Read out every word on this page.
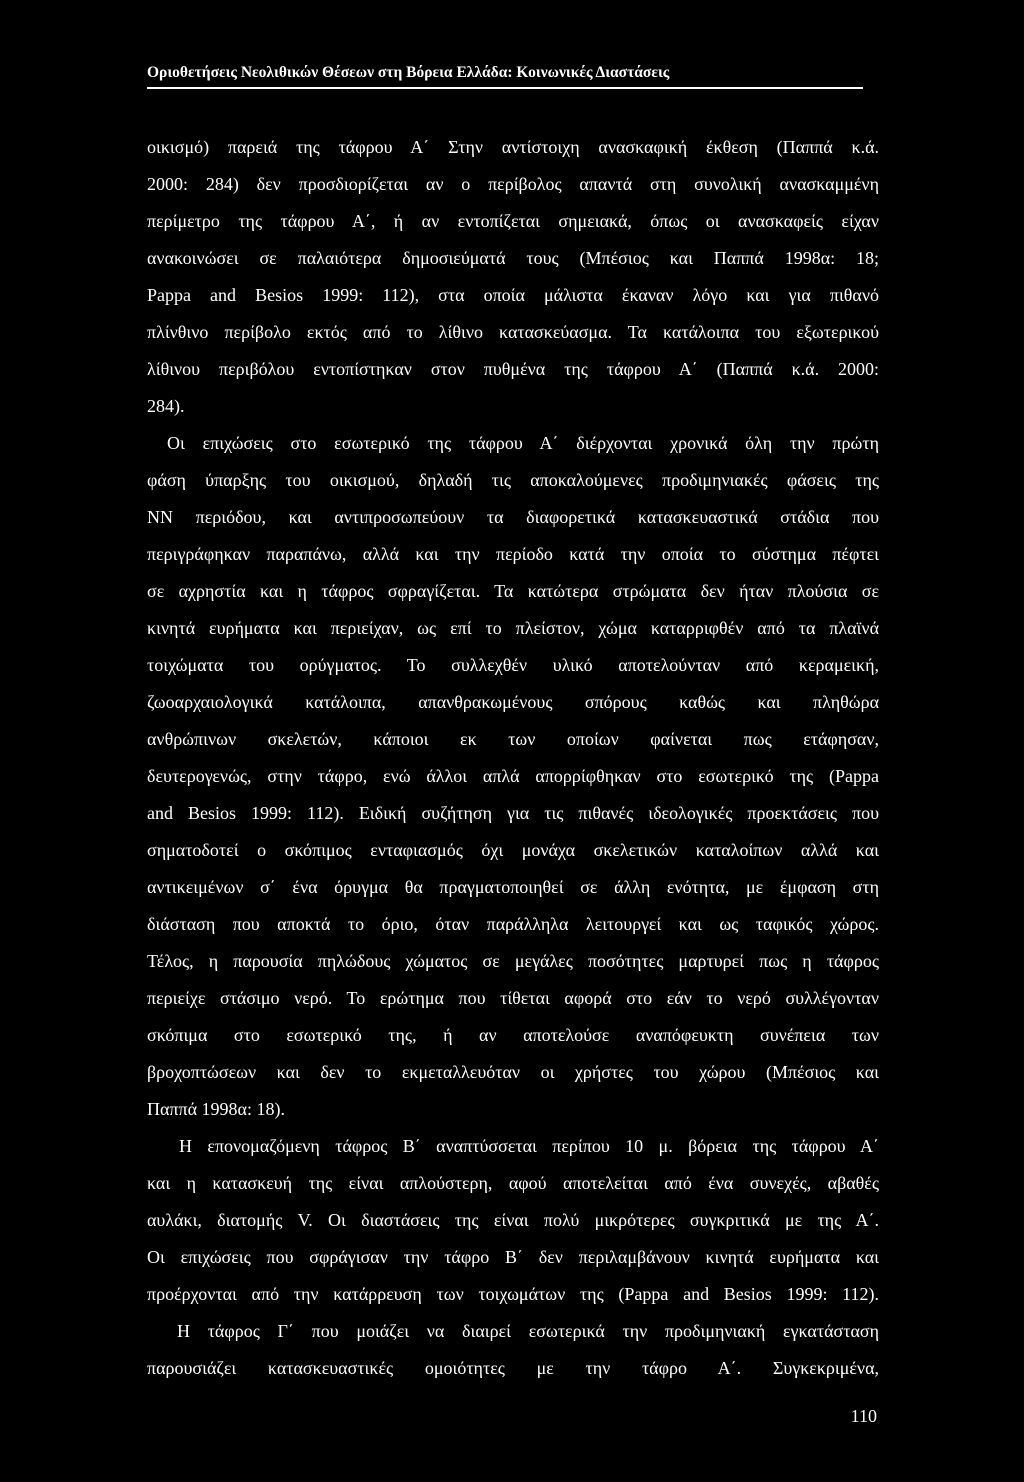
Οριοθετήσεις Νεολιθικών Θέσεων στη Βόρεια Ελλάδα: Κοινωνικές Διαστάσεις
οικισμό) παρειά της τάφρου Α΄ Στην αντίστοιχη ανασκαφική έκθεση (Παππά κ.ά.
2000: 284) δεν προσδιορίζεται αν ο περίβολος απαντά στη συνολική ανασκαμμένη
περίμετρο της τάφρου Α΄, ή αν εντοπίζεται σημειακά, όπως οι ανασκαφείς είχαν
ανακοινώσει σε παλαιότερα δημοσιεύματά τους (Μπέσιος και Παππά 1998α: 18;
Pappa and Besios 1999: 112), στα οποία μάλιστα έκαναν λόγο και για πιθανό
πλίνθινο περίβολο εκτός από το λίθινο κατασκεύασμα. Τα κατάλοιπα του εξωτερικού
λίθινου περιβόλου εντοπίστηκαν στον πυθμένα της τάφρου Α΄ (Παππά κ.ά. 2000:
284).
Οι επιχώσεις στο εσωτερικό της τάφρου Α΄ διέρχονται χρονικά όλη την πρώτη
φάση ύπαρξης του οικισμού, δηλαδή τις αποκαλούμενες προδιμηνιακές φάσεις της
ΝΝ περιόδου, και αντιπροσωπεύουν τα διαφορετικά κατασκευαστικά στάδια που
περιγράφηκαν παραπάνω, αλλά και την περίοδο κατά την οποία το σύστημα πέφτει
σε αχρηστία και η τάφρος σφραγίζεται. Τα κατώτερα στρώματα δεν ήταν πλούσια σε
κινητά ευρήματα και περιείχαν, ως επί το πλείστον, χώμα καταρριφθέν από τα πλαϊνά
τοιχώματα του ορύγματος. Το συλλεχθέν υλικό αποτελούνταν από κεραμεική,
ζωοαρχαιολογικά κατάλοιπα, απανθρακωμένους σπόρους καθώς και πληθώρα
ανθρώπινων σκελετών, κάποιοι εκ των οποίων φαίνεται πως ετάφησαν,
δευτερογενώς, στην τάφρο, ενώ άλλοι απλά απορρίφθηκαν στο εσωτερικό της (Pappa
and Besios 1999: 112). Ειδική συζήτηση για τις πιθανές ιδεολογικές προεκτάσεις που
σηματοδοτεί ο σκόπιμος ενταφιασμός όχι μονάχα σκελετικών καταλοίπων αλλά και
αντικειμένων σ΄ ένα όρυγμα θα πραγματοποιηθεί σε άλλη ενότητα, με έμφαση στη
διάσταση που αποκτά το όριο, όταν παράλληλα λειτουργεί και ως ταφικός χώρος.
Τέλος, η παρουσία πηλώδους χώματος σε μεγάλες ποσότητες μαρτυρεί πως η τάφρος
περιείχε στάσιμο νερό. Το ερώτημα που τίθεται αφορά στο εάν το νερό συλλέγονταν
σκόπιμα στο εσωτερικό της, ή αν αποτελούσε αναπόφευκτη συνέπεια των
βροχοπτώσεων και δεν το εκμεταλλευόταν οι χρήστες του χώρου (Μπέσιος και
Παππά 1998α: 18).
Η επονομαζόμενη τάφρος Β΄ αναπτύσσεται περίπου 10 μ. βόρεια της τάφρου Α΄
και η κατασκευή της είναι απλούστερη, αφού αποτελείται από ένα συνεχές, αβαθές
αυλάκι, διατομής V. Οι διαστάσεις της είναι πολύ μικρότερες συγκριτικά με της Α΄.
Οι επιχώσεις που σφράγισαν την τάφρο Β΄ δεν περιλαμβάνουν κινητά ευρήματα και
προέρχονται από την κατάρρευση των τοιχωμάτων της (Pappa and Besios 1999: 112).
Η τάφρος Γ΄ που μοιάζει να διαιρεί εσωτερικά την προδιμηνιακή εγκατάσταση
παρουσιάζει κατασκευαστικές ομοιότητες με την τάφρο Α΄. Συγκεκριμένα,
110
